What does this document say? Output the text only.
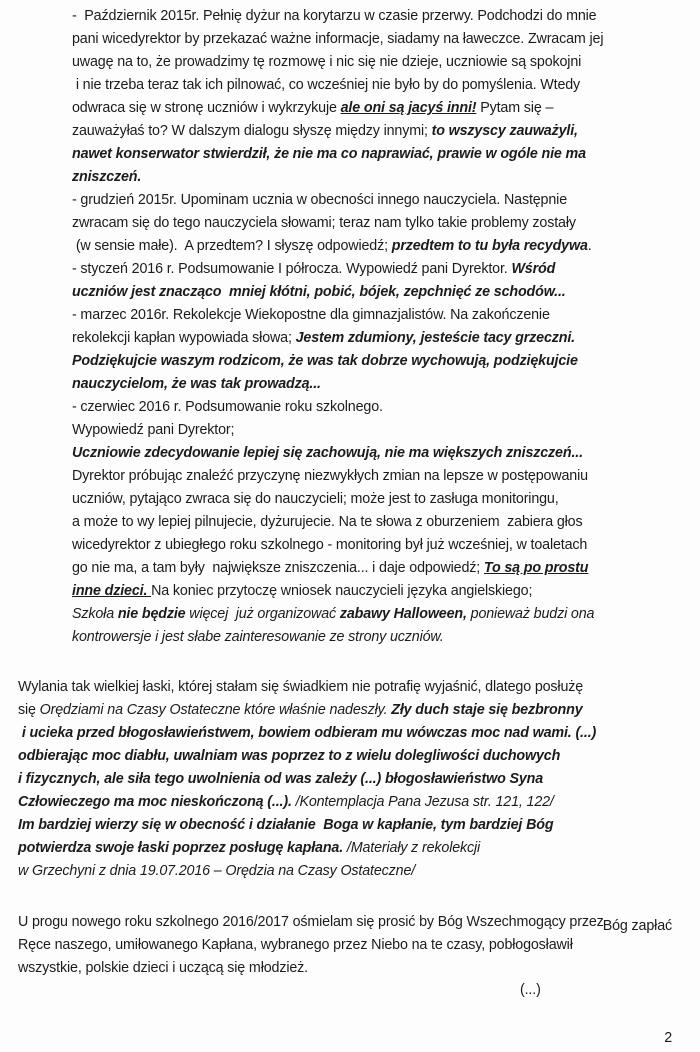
-  Październik 2015r. Pełnię dyżur na korytarzu w czasie przerwy. Podchodzi do mnie
pani wicedyrektor by przekazać ważne informacje, siadamy na ławeczce. Zwracam jej
uwagę na to, że prowadzimy tę rozmowę i nic się nie dzieje, uczniowie są spokojni
i nie trzeba teraz tak ich pilnować, co wcześniej nie było by do pomyślenia. Wtedy
odwraca się w stronę uczniów i wykrzykuje ale oni są jacyś inni! Pytam się –
zauważyłaś to? W dalszym dialogu słyszę między innymi; to wszyscy zauważyli,
nawet konserwator stwierdził, że nie ma co naprawiać, prawie w ogóle nie ma
zniszczeń.
- grudzień 2015r. Upominam ucznia w obecności innego nauczyciela. Następnie
zwracam się do tego nauczyciela słowami; teraz nam tylko takie problemy zostały
(w sensie małe).  A przedtem? I słyszę odpowiedź; przedtem to tu była recydywa.
- styczeń 2016 r. Podsumowanie I półrocza. Wypowiedź pani Dyrektor. Wśród
uczniów jest znacząco  mniej kłótni, pobić, bójek, zepchnięć ze schodów...
- marzec 2016r. Rekolekcje Wiekopostne dla gimnazjalistów. Na zakończenie
rekolekcji kapłan wypowiada słowa; Jestem zdumiony, jesteście tacy grzeczni.
Podziękujcie waszym rodzicom, że was tak dobrze wychowują, podziękujcie
nauczycielom, że was tak prowadzą...
- czerwiec 2016 r. Podsumowanie roku szkolnego.
Wypowiedź pani Dyrektor;
Uczniowie zdecydowanie lepiej się zachowują, nie ma większych zniszczeń...
Dyrektor próbując znaleźć przyczynę niezwykłych zmian na lepsze w postępowaniu
uczniów, pytająco zwraca się do nauczycieli; może jest to zasługa monitoringu,
a może to wy lepiej pilnujecie, dyżurujecie. Na te słowa z oburzeniem  zabiera głos
wicedyrektor z ubiegłego roku szkolnego - monitoring był już wcześniej, w toaletach
go nie ma, a tam były  największe zniszczenia... i daje odpowiedź; To są po prostu
inne dzieci. Na koniec przytoczę wniosek nauczycieli języka angielskiego;
Szkoła nie będzie więcej  już organizować zabawy Halloween, ponieważ budzi ona
kontrowersje i jest słabe zainteresowanie ze strony uczniów.
Wylania tak wielkiej łaski, której stałam się świadkiem nie potrafię wyjaśnić, dlatego posłużę
się Orędziami na Czasy Ostateczne które właśnie nadeszły. Zły duch staje się bezbronny
i ucieka przed błogosławieństwem, bowiem odbieram mu wówczas moc nad wami. (...)
odbierając moc diabłu, uwalniam was poprzez to z wielu dolegliwości duchowych
i fizycznych, ale siła tego uwolnienia od was zależy (...) błogosławieństwo Syna
Człowieczego ma moc nieskończoną (...). /Kontemplacja Pana Jezusa str. 121, 122/
Im bardziej wierzy się w obecność i działanie  Boga w kapłanie, tym bardziej Bóg
potwierdza swoje łaski poprzez posługę kapłana. /Materiały z rekolekcji
w Grzechyni z dnia 19.07.2016 – Orędzia na Czasy Ostateczne/
U progu nowego roku szkolnego 2016/2017 ośmielam się prosić by Bóg Wszechmogący przez
Ręce naszego, umiłowanego Kapłana, wybranego przez Niebo na te czasy, pobłogosławił
wszystkie, polskie dzieci i uczącą się młodzież.
Bóg zapłać
(...)
2
